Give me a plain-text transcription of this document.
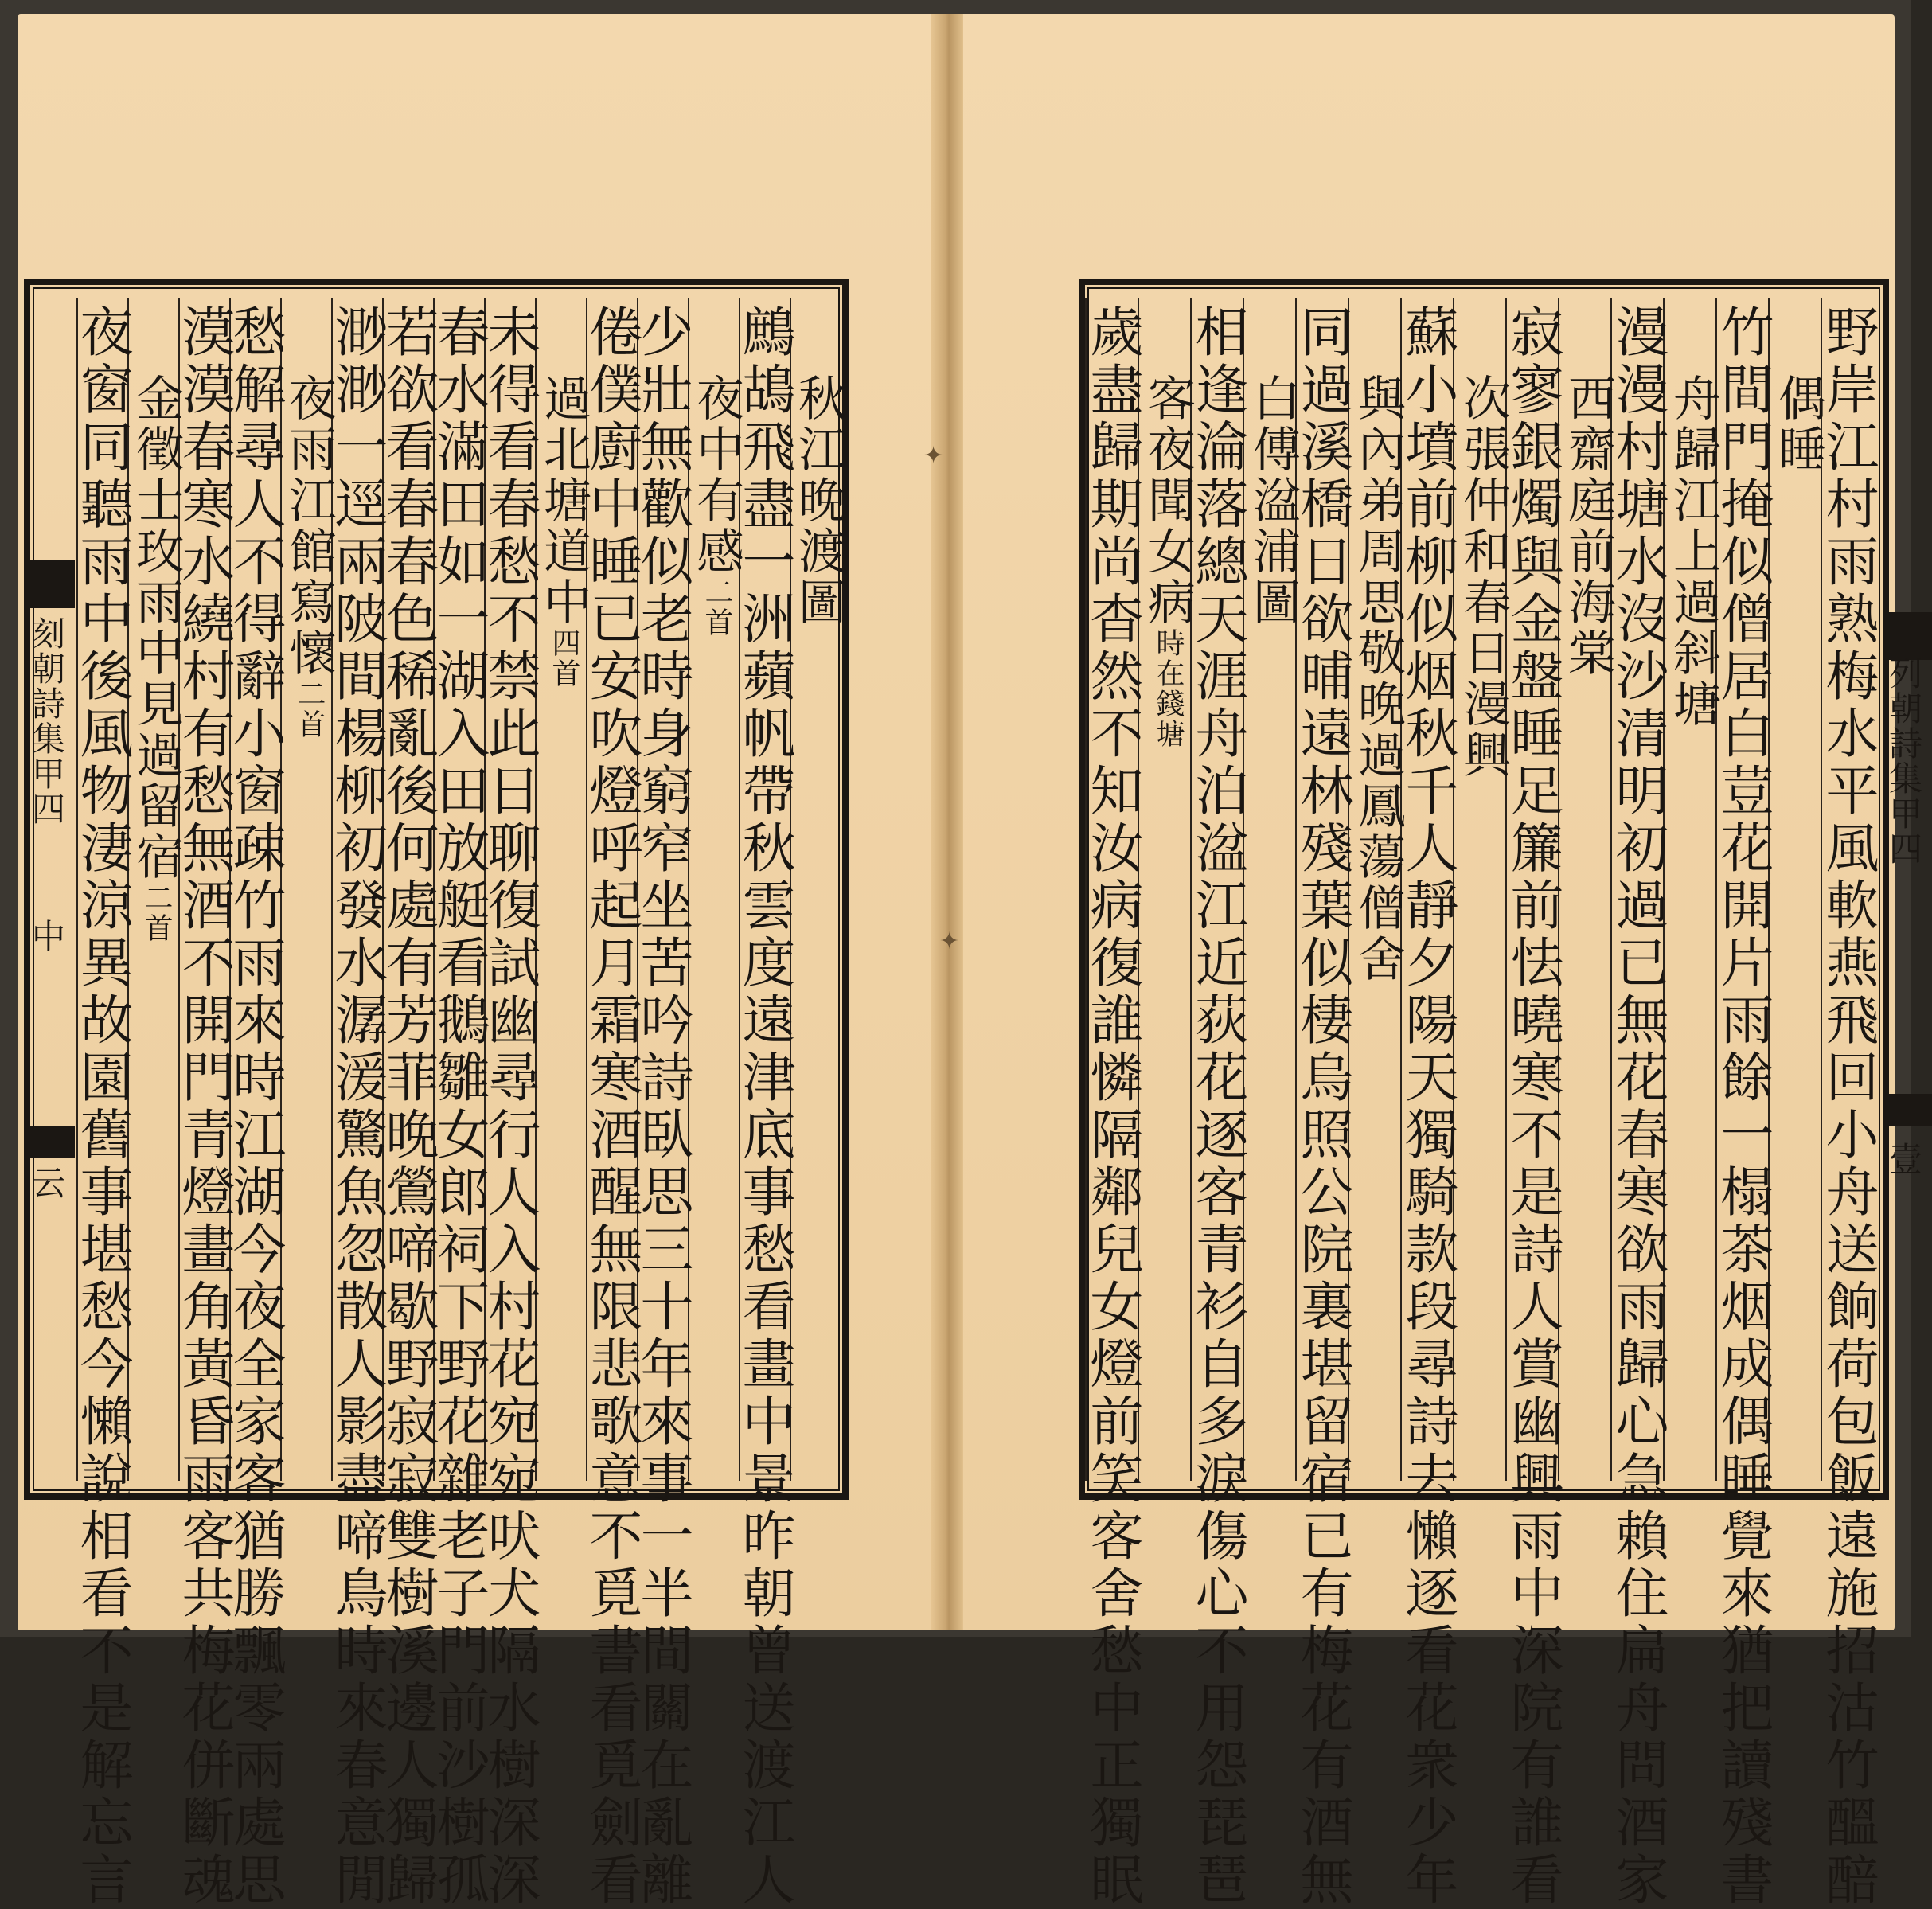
✦
✦

刻朝詩集甲四
中
云
秋江晚渡圖
鷓鴣飛盡一洲蘋帆帶秋雲度遠津底事愁看畫中景昨朝曾送渡江人
夜中有感二首
少壯無歡似老時身窮窄坐苦吟詩臥思三十年來事一半間關在亂離
倦僕廚中睡已安吹燈呼起月霜寒酒醒無限悲歌意不覓書看覓劍看
過北塘道中四首
未得看春愁不禁此日聊復試幽尋行人入村花宛宛吠犬隔水樹深深
春水滿田如一湖入田放艇看鵝雛女郎祠下野花雜老子門前沙樹孤
若欲看春春色稀亂後何處有芳菲晚鶯啼歇野寂寂雙樹溪邊人獨歸
渺渺一逕兩陂間楊柳初發水潺湲驚魚忽散人影盡啼鳥時來春意閒
夜雨江館寫懷二首
愁解尋人不得辭小窗疎竹雨來時江湖今夜全家客猶勝飄零兩處思
漠漠春寒水繞村有愁無酒不開門青燈畫角黃昏雨客共梅花併斷魂
金徵士玫雨中見過留宿二首
夜窗同聽雨中後風物淒涼異故園舊事堪愁今懶說相看不是解忘言	野岸江村雨熟梅水平風軟燕飛回小舟送餉荷包飯遠施招沽竹醞醅
偶睡
竹間門掩似僧居白荳花開片雨餘一榻茶烟成偶睡覺來猶把讀殘書
舟歸江上過斜塘
漫漫村塘水沒沙清明初過已無花春寒欲雨歸心急賴住扁舟問酒家
西齋庭前海棠
寂寥銀燭與金盤睡足簾前怯曉寒不是詩人賞幽興雨中深院有誰看
次張仲和春日漫興
蘇小墳前柳似烟秋千人靜夕陽天獨騎款段尋詩去懶逐看花衆少年
與內弟周思敬晚過鳳蕩僧舍
同過溪橋日欲晡遠林殘葉似棲烏照公院裏堪留宿已有梅花有酒無
白傅湓浦圖
相逢淪落總天涯舟泊湓江近荻花逐客青衫自多淚傷心不用怨琵琶
客夜聞女病時在錢塘
歲盡歸期尚杳然不知汝病復誰憐隔鄰兒女燈前笑客舍愁中正獨眠	列朝詩集甲四
壹
